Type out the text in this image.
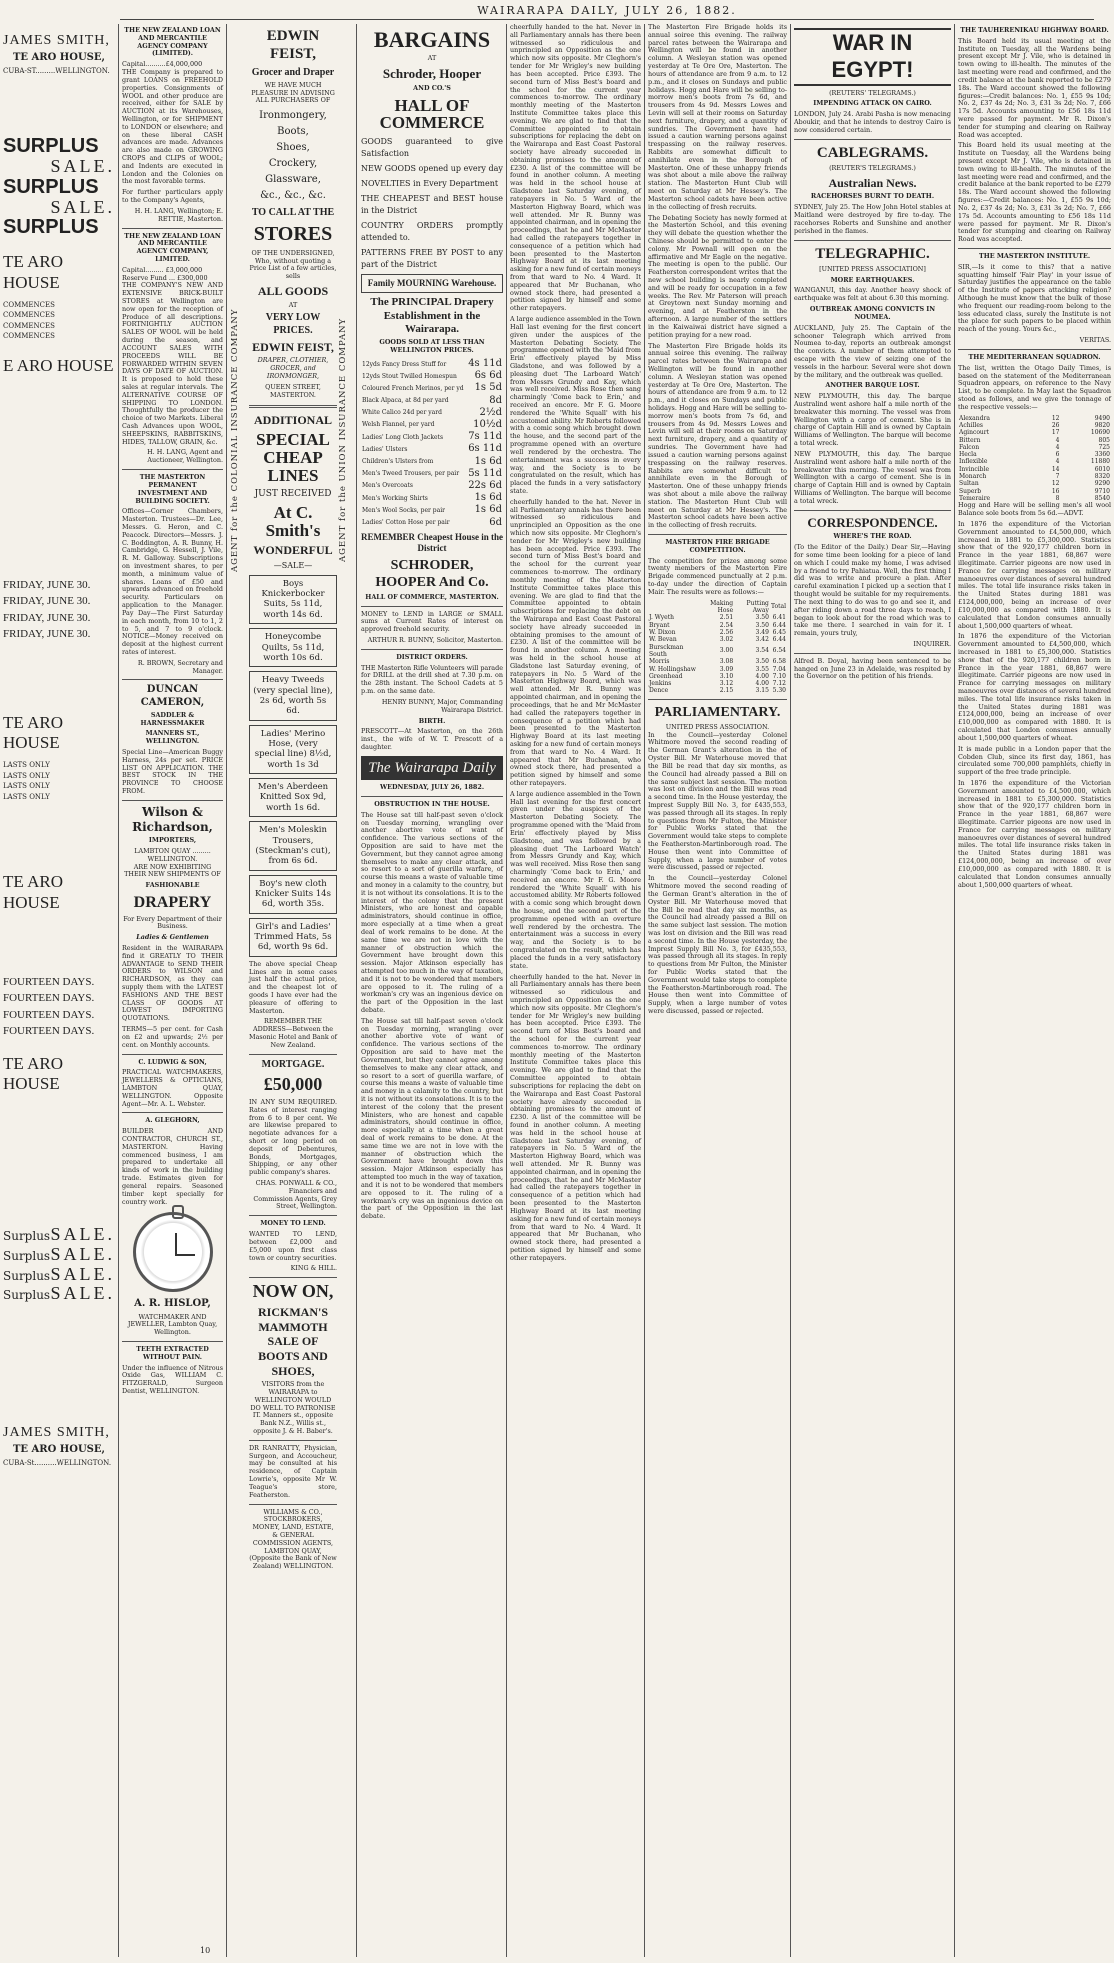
WAIRARAPA DAILY, JULY 26, 1882.
AGENT for the COLONIAL INSURANCE COMPANY	AGENT for the UNION INSURANCE COMPANY
JAMES SMITH,
TE ARO HOUSE,
CUBA-ST.........WELLINGTON.
SURPLUS
SALE.
SURPLUS
SALE.
SURPLUS
TE ARO HOUSE
COMMENCES
COMMENCES
COMMENCES
COMMENCES
E ARO HOUSE
FRIDAY, JUNE 30.
FRIDAY, JUNE 30.
FRIDAY, JUNE 30.
FRIDAY, JUNE 30.
TE ARO HOUSE
LASTS ONLY
LASTS ONLY
LASTS ONLY
LASTS ONLY
TE ARO HOUSE
FOURTEEN DAYS.
FOURTEEN DAYS.
FOURTEEN DAYS.
FOURTEEN DAYS.
TE ARO HOUSE
Surplus SALE.
Surplus SALE.
Surplus SALE.
Surplus SALE.
JAMES SMITH,
TE ARO HOUSE,
CUBA-St..........WELLINGTON.
THE NEW ZEALAND LOAN AND MERCANTILE AGENCY COMPANY (LIMITED).
Capital..........£4,000,000

THE Company is prepared to grant LOANS on FREEHOLD properties. Consignments of WOOL and other produce are received, either for SALE by AUCTION at its Warehouses, Wellington, or for SHIPMENT to LONDON or elsewhere; and on these liberal CASH advances are made. Advances are also made on GROWING CROPS and CLIPS of WOOL; and Indents are executed in London and the Colonies on the most favorable terms.

For further particulars apply to the Company's Agents,

H. H. LANG, Wellington; E. RETTIE, Masterton.

THE NEW ZEALAND LOAN AND MERCANTILE AGENCY COMPANY, LIMITED.
Capital......... £3,000,000
Reserve Fund ... £300,000

THE COMPANY'S NEW AND EXTENSIVE BRICK-BUILT STORES at Wellington are now open for the reception of Produce of all descriptions. FORTNIGHTLY AUCTION SALES OF WOOL will be held during the season, and ACCOUNT SALES WITH PROCEEDS WILL BE FORWARDED WITHIN SEVEN DAYS OF DATE OF AUCTION. It is proposed to hold these sales at regular intervals. The ALTERNATIVE COURSE OF SHIPPING TO LONDON. Thoughtfully the producer the choice of two Markets. Liberal Cash Advances upon WOOL, SHEEPSKINS, RABBITSKINS, HIDES, TALLOW, GRAIN, &c.

H. H. LANG, Agent and Auctioneer, Wellington.

THE MASTERTON PERMANENT INVESTMENT AND BUILDING SOCIETY.

Offices—Corner Chambers, Masterton. Trustees—Dr. Lee, Messrs. G. Heron, and C. Peacock. Directors—Messrs. J. C. Boddington, A. R. Bunny, H. Cambridge, G. Hessell, J. Vile, R. M. Galloway. Subscriptions on investment shares, to per month, a minimum value of shares. Loans of £50 and upwards advanced on freehold security. Particulars on application to the Manager. Pay Day—The First Saturday in each month, from 10 to 1, 2 to 5, and 7 to 9 o'clock. NOTICE—Money received on deposit at the highest current rates of interest.

R. BROWN, Secretary and Manager.

DUNCAN CAMERON,
SADDLER & HARNESSMAKER
MANNERS ST., WELLINGTON.

Special Line—American Buggy Harness, 24s per set. PRICE LIST ON APPLICATION. THE BEST STOCK IN THE PROVINCE TO CHOOSE FROM.

Wilson & Richardson,
IMPORTERS,
LAMBTON QUAY ......... WELLINGTON.

ARE NOW EXHIBITING THEIR NEW SHIPMENTS OF

FASHIONABLE
DRAPERY

For Every Department of their Business.

Ladies & Gentlemen

Resident in the WAIRARAPA find it GREATLY TO THEIR ADVANTAGE to SEND THEIR ORDERS to WILSON and RICHARDSON, as they can supply them with the LATEST FASHIONS AND THE BEST CLASS OF GOODS AT LOWEST IMPORTING QUOTATIONS.

TERMS—5 per cent. for Cash on £2 and upwards; 2½ per cent. on Monthly accounts.

C. LUDWIG & SON,

PRACTICAL WATCHMAKERS, JEWELLERS & OPTICIANS, LAMBTON QUAY, WELLINGTON. Opposite Agent—Mr. A. L. Webster.

A. GLEGHORN,

BUILDER AND CONTRACTOR, CHURCH ST., MASTERTON. Having commenced business, I am prepared to undertake all kinds of work in the building trade. Estimates given for general repairs. Seasoned timber kept specially for country work.

A. R. HISLOP,

WATCHMAKER AND JEWELLER, Lambton Quay, Wellington.

TEETH EXTRACTED WITHOUT PAIN.

Under the influence of Nitrous Oxide Gas, WILLIAM C. FITZGERALD, Surgeon Dentist, WELLINGTON.

EDWIN FEIST,
Grocer and Draper

WE HAVE MUCH PLEASURE IN ADVISING ALL PURCHASERS OF

Ironmongery,
Boots,
Shoes,
Crockery,
Glassware,
&c., &c., &c.
TO CALL AT THE
STORES
OF THE UNDERSIGNED,

Who, without quoting a Price List of a few articles, sells

ALL GOODS
AT
VERY LOW PRICES.
EDWIN FEIST,

DRAPER, CLOTHIER, GROCER, and IRONMONGER,

QUEEN STREET, MASTERTON.
ADDITIONAL
SPECIAL CHEAP LINES
JUST RECEIVED
At C. Smith's
WONDERFUL
—SALE—
Boys Knickerbocker Suits, 5s 11d, worth 14s 6d.
Honeycombe Quilts, 5s 11d, worth 10s 6d.
Heavy Tweeds (very special line), 2s 6d, worth 5s 6d.
Ladies' Merino Hose, (very special line) 8½d, worth 1s 3d
Men's Aberdeen Knitted Sox 9d, worth 1s 6d.
Men's Moleskin Trousers, (Steckman's cut), from 6s 6d.
Boy's new cloth Knicker Suits 14s 6d, worth 35s.
Girl's and Ladies' Trimmed Hats, 5s 6d, worth 9s 6d.

The above special Cheap Lines are in some cases just half the actual price, and the cheapest lot of goods I have ever had the pleasure of offering to Masterton.

REMEMBER THE ADDRESS—Between the Masonic Hotel and Bank of New Zealand.

MORTGAGE.
£50,000

IN ANY SUM REQUIRED. Rates of interest ranging from 6 to 8 per cent. We are likewise prepared to negotiate advances for a short or long period on deposit of Debentures, Bonds, Mortgages, Shipping, or any other public company's shares.

CHAS. PONWALL & CO., Financiers and Commission Agents, Grey Street, Wellington.

MONEY TO LEND.

WANTED TO LEND, between £2,000 and £5,000 upon first class town or country securities.

KING & HILL.
NOW ON,
RICKMAN'S MAMMOTH SALE OF BOOTS AND SHOES,

VISITORS from the WAIRARAPA to WELLINGTON WOULD DO WELL TO PATRONISE IT. Manners st., opposite Bank N.Z., Willis st., opposite J. & H. Baber's.

DR RANRATTY, Physician, Surgeon, and Accoucheur, may be consulted at his residence, of Captain Lowrie's, opposite Mr W. Teague's store, Featherston.

WILLIAMS & CO., STOCKBROKERS, MONEY, LAND, ESTATE, & GENERAL COMMISSION AGENTS, LAMBTON QUAY, (Opposite the Bank of New Zealand) WELLINGTON.

BARGAINS
AT
Schroder, Hooper
AND CO.'S
HALL OF COMMERCE

GOODS guaranteed to give Satisfaction

NEW GOODS opened up every day

NOVELTIES in Every Department

THE CHEAPEST and BEST house in the District

COUNTRY ORDERS promptly attended to.

PATTERNS FREE BY POST to any part of the District

Family MOURNING Warehouse.
The PRINCIPAL Drapery Establishment in the Wairarapa.
GOODS SOLD AT LESS THAN WELLINGTON PRICES.
12yds Fancy Dress Stuff for	4s 11d
12yds Stout Twilled Homespun	6s 6d
Coloured French Merinos, per yd	1s 5d
Black Alpaca, at 8d per yard	8d
White Calico 24d per yard	2½d
Welsh Flannel, per yard	10½d
Ladies' Long Cloth Jackets	7s 11d
Ladies' Ulsters	6s 11d
Children's Ulsters from	1s 6d
Men's Tweed Trousers, per pair	5s 11d
Men's Overcoats	22s 6d
Men's Working Shirts	1s 6d
Men's Wool Socks, per pair	1s 6d
Ladies' Cotton Hose per pair	6d
REMEMBER Cheapest House in the District
SCHRODER, HOOPER And Co.
HALL OF COMMERCE, MASTERTON.

MONEY to LEND in LARGE or SMALL sums at Current Rates of interest on approved freehold security.

ARTHUR R. BUNNY, Solicitor, Masterton.

DISTRICT ORDERS.

THE Masterton Rifle Volunteers will parade for DRILL at the drill shed at 7.30 p.m. on the 28th instant. The School Cadets at 5 p.m. on the same date.

HENRY BUNNY, Major, Commanding Wairarapa District.

BIRTH.

PRESCOTT—At Masterton, on the 26th inst., the wife of W. T. Prescott of a daughter.

The Wairarapa Daily
WEDNESDAY, JULY 26, 1882.
OBSTRUCTION IN THE HOUSE.

The House sat till half-past seven o'clock on Tuesday morning, wrangling over another abortive vote of want of confidence. The various sections of the Opposition are said to have met the Government, but they cannot agree among themselves to make any clear attack, and so resort to a sort of guerilla warfare, of course this means a waste of valuable time and money in a calamity to the country, but it is not without its consolations. It is to the interest of the colony that the present Ministers, who are honest and capable administrators, should continue in office, more especially at a time when a great deal of work remains to be done. At the same time we are not in love with the manner of obstruction which the Government have brought down this session. Major Atkinson especially has attempted too much in the way of taxation, and it is not to be wondered that members are opposed to it. The ruling of a workman's cry was an ingenious device on the part of the Opposition in the last debate.

The House sat till half-past seven o'clock on Tuesday morning, wrangling over another abortive vote of want of confidence. The various sections of the Opposition are said to have met the Government, but they cannot agree among themselves to make any clear attack, and so resort to a sort of guerilla warfare, of course this means a waste of valuable time and money in a calamity to the country, but it is not without its consolations. It is to the interest of the colony that the present Ministers, who are honest and capable administrators, should continue in office, more especially at a time when a great deal of work remains to be done. At the same time we are not in love with the manner of obstruction which the Government have brought down this session. Major Atkinson especially has attempted too much in the way of taxation, and it is not to be wondered that members are opposed to it. The ruling of a workman's cry was an ingenious device on the part of the Opposition in the last debate.

cheerfully handed to the hat. Never in all Parliamentary annals has there been witnessed so ridiculous and unprincipled an Opposition as the one which now sits opposite. Mr Cleghorn's tender for Mr Wrigley's new building has been accepted. Price £393. The second turn of Miss Best's board and the school for the current year commences to-morrow. The ordinary monthly meeting of the Masterton Institute Committee takes place this evening. We are glad to find that the Committee appointed to obtain subscriptions for replacing the debt on the Wairarapa and East Coast Pastoral society have already succeeded in obtaining promises to the amount of £230. A list of the committee will be found in another column. A meeting was held in the school house at Gladstone last Saturday evening, of ratepayers in No. 5 Ward of the Masterton Highway Board, which was well attended. Mr R. Bunny was appointed chairman, and in opening the proceedings, that he and Mr McMaster had called the ratepayers together in consequence of a petition which had been presented to the Masterton Highway Board at its last meeting asking for a new fund of certain moneys from that ward to No. 4 Ward. It appeared that Mr Buchanan, who owned stock there, had presented a petition signed by himself and some other ratepayers.

A large audience assembled in the Town Hall last evening for the first concert given under the auspices of the Masterton Debating Society. The programme opened with the 'Maid from Erin' effectively played by Miss Gladstone, and was followed by a pleasing duet 'The Larboard Watch' from Messrs Grundy and Kay, which was well received. Miss Rose then sang charmingly 'Come back to Erin,' and received an encore. Mr F. G. Moore rendered the 'White Squall' with his accustomed ability. Mr Roberts followed with a comic song which brought down the house, and the second part of the programme opened with an overture well rendered by the orchestra. The entertainment was a success in every way, and the Society is to be congratulated on the result, which has placed the funds in a very satisfactory state.

cheerfully handed to the hat. Never in all Parliamentary annals has there been witnessed so ridiculous and unprincipled an Opposition as the one which now sits opposite. Mr Cleghorn's tender for Mr Wrigley's new building has been accepted. Price £393. The second turn of Miss Best's board and the school for the current year commences to-morrow. The ordinary monthly meeting of the Masterton Institute Committee takes place this evening. We are glad to find that the Committee appointed to obtain subscriptions for replacing the debt on the Wairarapa and East Coast Pastoral society have already succeeded in obtaining promises to the amount of £230. A list of the committee will be found in another column. A meeting was held in the school house at Gladstone last Saturday evening, of ratepayers in No. 5 Ward of the Masterton Highway Board, which was well attended. Mr R. Bunny was appointed chairman, and in opening the proceedings, that he and Mr McMaster had called the ratepayers together in consequence of a petition which had been presented to the Masterton Highway Board at its last meeting asking for a new fund of certain moneys from that ward to No. 4 Ward. It appeared that Mr Buchanan, who owned stock there, had presented a petition signed by himself and some other ratepayers.

A large audience assembled in the Town Hall last evening for the first concert given under the auspices of the Masterton Debating Society. The programme opened with the 'Maid from Erin' effectively played by Miss Gladstone, and was followed by a pleasing duet 'The Larboard Watch' from Messrs Grundy and Kay, which was well received. Miss Rose then sang charmingly 'Come back to Erin,' and received an encore. Mr F. G. Moore rendered the 'White Squall' with his accustomed ability. Mr Roberts followed with a comic song which brought down the house, and the second part of the programme opened with an overture well rendered by the orchestra. The entertainment was a success in every way, and the Society is to be congratulated on the result, which has placed the funds in a very satisfactory state.

cheerfully handed to the hat. Never in all Parliamentary annals has there been witnessed so ridiculous and unprincipled an Opposition as the one which now sits opposite. Mr Cleghorn's tender for Mr Wrigley's new building has been accepted. Price £393. The second turn of Miss Best's board and the school for the current year commences to-morrow. The ordinary monthly meeting of the Masterton Institute Committee takes place this evening. We are glad to find that the Committee appointed to obtain subscriptions for replacing the debt on the Wairarapa and East Coast Pastoral society have already succeeded in obtaining promises to the amount of £230. A list of the committee will be found in another column. A meeting was held in the school house at Gladstone last Saturday evening, of ratepayers in No. 5 Ward of the Masterton Highway Board, which was well attended. Mr R. Bunny was appointed chairman, and in opening the proceedings, that he and Mr McMaster had called the ratepayers together in consequence of a petition which had been presented to the Masterton Highway Board at its last meeting asking for a new fund of certain moneys from that ward to No. 4 Ward. It appeared that Mr Buchanan, who owned stock there, had presented a petition signed by himself and some other ratepayers.

The Masterton Fire Brigade holds its annual soiree this evening. The railway parcel rates between the Wairarapa and Wellington will be found in another column. A Wesleyan station was opened yesterday at Te Ore Ore, Masterton. The hours of attendance are from 9 a.m. to 12 p.m., and it closes on Sundays and public holidays. Hogg and Hare will be selling to-morrow men's boots from 7s 6d, and trousers from 4s 9d. Messrs Lowes and Levin will sell at their rooms on Saturday next furniture, drapery, and a quantity of sundries. The Government have had issued a caution warning persons against trespassing on the railway reserves. Rabbits are somewhat difficult to annihilate even in the Borough of Masterton. One of these unhappy friends was shot about a mile above the railway station. The Masterton Hunt Club will meet on Saturday at Mr Hessey's. The Masterton school cadets have been active in the collecting of fresh recruits.

The Debating Society has newly formed at the Masterton School, and this evening they will debate the question whether the Chinese should be permitted to enter the colony. Mr Pownall will open on the affirmative and Mr Eagle on the negative. The meeting is open to the public. Our Featherston correspondent writes that the new school building is nearly completed and will be ready for occupation in a few weeks. The Rev. Mr Paterson will preach at Greytown next Sunday morning and evening, and at Featherston in the afternoon. A large number of the settlers in the Kaiwaiwai district have signed a petition praying for a new road.

The Masterton Fire Brigade holds its annual soiree this evening. The railway parcel rates between the Wairarapa and Wellington will be found in another column. A Wesleyan station was opened yesterday at Te Ore Ore, Masterton. The hours of attendance are from 9 a.m. to 12 p.m., and it closes on Sundays and public holidays. Hogg and Hare will be selling to-morrow men's boots from 7s 6d, and trousers from 4s 9d. Messrs Lowes and Levin will sell at their rooms on Saturday next furniture, drapery, and a quantity of sundries. The Government have had issued a caution warning persons against trespassing on the railway reserves. Rabbits are somewhat difficult to annihilate even in the Borough of Masterton. One of these unhappy friends was shot about a mile above the railway station. The Masterton Hunt Club will meet on Saturday at Mr Hessey's. The Masterton school cadets have been active in the collecting of fresh recruits.

MASTERTON FIRE BRIGADE COMPETITION.

The competition for prizes among some twenty members of the Masterton Fire Brigade commenced punctually at 2 p.m. to-day under the direction of Captain Mair. The results were as follows:—

	Making Hose	Putting Away	Total
J. Wyeth	2.51	3.50	6.41
Bryant	2.54	3.50	6.44
W. Dixon	2.56	3.49	6.45
W. Bevan	3.02	3.42	6.44
Bursckman South	3.00	3.54	6.54
Morris	3.08	3.50	6.58
W. Hollingshaw	3.09	3.55	7.04
Greenhead	3.10	4.00	7.10
Jenkins	3.12	4.00	7.12
Dence	2.15	3.15	5.30
PARLIAMENTARY.
UNITED PRESS ASSOCIATION.

In the Council—yesterday Colonel Whitmore moved the second reading of the German Grant's alteration in the of Oyster Bill. Mr Waterhouse moved that the Bill be read that day six months, as the Council had already passed a Bill on the same subject last session. The motion was lost on division and the Bill was read a second time. In the House yesterday, the Imprest Supply Bill No. 3, for £435,553, was passed through all its stages. In reply to questions from Mr Fulton, the Minister for Public Works stated that the Government would take steps to complete the Featherston-Martinborough road. The House then went into Committee of Supply, when a large number of votes were discussed, passed or rejected.

In the Council—yesterday Colonel Whitmore moved the second reading of the German Grant's alteration in the of Oyster Bill. Mr Waterhouse moved that the Bill be read that day six months, as the Council had already passed a Bill on the same subject last session. The motion was lost on division and the Bill was read a second time. In the House yesterday, the Imprest Supply Bill No. 3, for £435,553, was passed through all its stages. In reply to questions from Mr Fulton, the Minister for Public Works stated that the Government would take steps to complete the Featherston-Martinborough road. The House then went into Committee of Supply, when a large number of votes were discussed, passed or rejected.

WAR IN EGYPT!
(REUTERS' TELEGRAMS.)
IMPENDING ATTACK ON CAIRO.

LONDON, July 24. Arabi Pasha is now menacing Aboukir, and that he intends to destroy Cairo is now considered certain.

CABLEGRAMS.
(REUTER'S TELEGRAMS.)
Australian News.
RACEHORSES BURNT TO DEATH.

SYDNEY, July 25. The How John Hotel stables at Maitland were destroyed by fire to-day. The racehorses Roberts and Sunshine and another perished in the flames.

TELEGRAPHIC.
[UNITED PRESS ASSOCIATION]
MORE EARTHQUAKES.

WANGANUI, this day. Another heavy shock of earthquake was felt at about 6.30 this morning.

OUTBREAK AMONG CONVICTS IN NOUMEA.

AUCKLAND, July 25. The Captain of the schooner Telegraph which arrived from Noumea to-day, reports an outbreak amongst the convicts. A number of them attempted to escape with the view of seizing one of the vessels in the harbour. Several were shot down by the military, and the outbreak was quelled.

ANOTHER BARQUE LOST.

NEW PLYMOUTH, this day. The barque Australind went ashore half a mile north of the breakwater this morning. The vessel was from Wellington with a cargo of cement. She is in charge of Captain Hill and is owned by Captain Williams of Wellington. The barque will become a total wreck.

NEW PLYMOUTH, this day. The barque Australind went ashore half a mile north of the breakwater this morning. The vessel was from Wellington with a cargo of cement. She is in charge of Captain Hill and is owned by Captain Williams of Wellington. The barque will become a total wreck.

CORRESPONDENCE.
WHERE'S THE ROAD.

(To the Editor of the Daily.) Dear Sir,—Having for some time been looking for a piece of land on which I could make my home, I was advised by a friend to try Pahiatua. Well, the first thing I did was to write and procure a plan. After careful examination I picked up a section that I thought would be suitable for my requirements. The next thing to do was to go and see it, and after riding down a road three days to reach, I began to look about for the road which was to take me there. I searched in vain for it. I remain, yours truly,

INQUIRER.

Alfred B. Doyal, having been sentenced to be hanged on June 23 in Adelaide, was respited by the Governor on the petition of his friends.

THE TAUHERENIKAU HIGHWAY BOARD.

This Board held its usual meeting at the Institute on Tuesday, all the Wardens being present except Mr J. Vile, who is detained in town owing to ill-health. The minutes of the last meeting were read and confirmed, and the credit balance at the bank reported to be £279 18s. The Ward account showed the following figures:—Credit balances: No. 1, £55 9s 10d; No. 2, £37 4s 2d; No. 3, £31 3s 2d; No. 7, £66 17s 5d. Accounts amounting to £56 18s 11d were passed for payment. Mr R. Dixon's tender for stumping and clearing on Railway Road was accepted.

This Board held its usual meeting at the Institute on Tuesday, all the Wardens being present except Mr J. Vile, who is detained in town owing to ill-health. The minutes of the last meeting were read and confirmed, and the credit balance at the bank reported to be £279 18s. The Ward account showed the following figures:—Credit balances: No. 1, £55 9s 10d; No. 2, £37 4s 2d; No. 3, £31 3s 2d; No. 7, £66 17s 5d. Accounts amounting to £56 18s 11d were passed for payment. Mr R. Dixon's tender for stumping and clearing on Railway Road was accepted.

THE MASTERTON INSTITUTE.

SIR,—Is it come to this? that a native squatting himself 'Fair Play' in your issue of Saturday justifies the appearance on the table of the Institute of papers attacking religion? Although he must know that the bulk of those who frequent our reading-room belong to the less educated class, surely the Institute is not the place for such papers to be placed within reach of the young. Yours &c.,

VERITAS.

THE MEDITERRANEAN SQUADRON.

The list, written the Otago Daily Times, is based on the statement of the Mediterranean Squadron appears, on reference to the Navy List, to be complete. In May last the Squadron stood as follows, and we give the tonnage of the respective vessels:—

Alexandra	12	9490
Achilles	26	9820
Agincourt	17	10690
Bittern	4	805
Falcon	4	725
Hecla	6	3360
Inflexible	4	11880
Invincible	14	6010
Monarch	7	8320
Sultan	12	9290
Superb	16	9710
Temeraire	8	8540

Hogg and Hare will be selling men's all wool Balance sole boots from 5s 6d.—ADVT.

In 1876 the expenditure of the Victorian Government amounted to £4,500,000, which increased in 1881 to £5,300,000. Statistics show that of the 920,177 children born in France in the year 1881, 68,867 were illegitimate. Carrier pigeons are now used in France for carrying messages on military manoeuvres over distances of several hundred miles. The total life insurance risks taken in the United States during 1881 was £124,000,000, being an increase of over £10,000,000 as compared with 1880. It is calculated that London consumes annually about 1,500,000 quarters of wheat.

In 1876 the expenditure of the Victorian Government amounted to £4,500,000, which increased in 1881 to £5,300,000. Statistics show that of the 920,177 children born in France in the year 1881, 68,867 were illegitimate. Carrier pigeons are now used in France for carrying messages on military manoeuvres over distances of several hundred miles. The total life insurance risks taken in the United States during 1881 was £124,000,000, being an increase of over £10,000,000 as compared with 1880. It is calculated that London consumes annually about 1,500,000 quarters of wheat.

It is made public in a London paper that the Cobden Club, since its first day, 1861, has circulated some 700,000 pamphlets, chiefly in support of the free trade principle.

In 1876 the expenditure of the Victorian Government amounted to £4,500,000, which increased in 1881 to £5,300,000. Statistics show that of the 920,177 children born in France in the year 1881, 68,867 were illegitimate. Carrier pigeons are now used in France for carrying messages on military manoeuvres over distances of several hundred miles. The total life insurance risks taken in the United States during 1881 was £124,000,000, being an increase of over £10,000,000 as compared with 1880. It is calculated that London consumes annually about 1,500,000 quarters of wheat.

10
